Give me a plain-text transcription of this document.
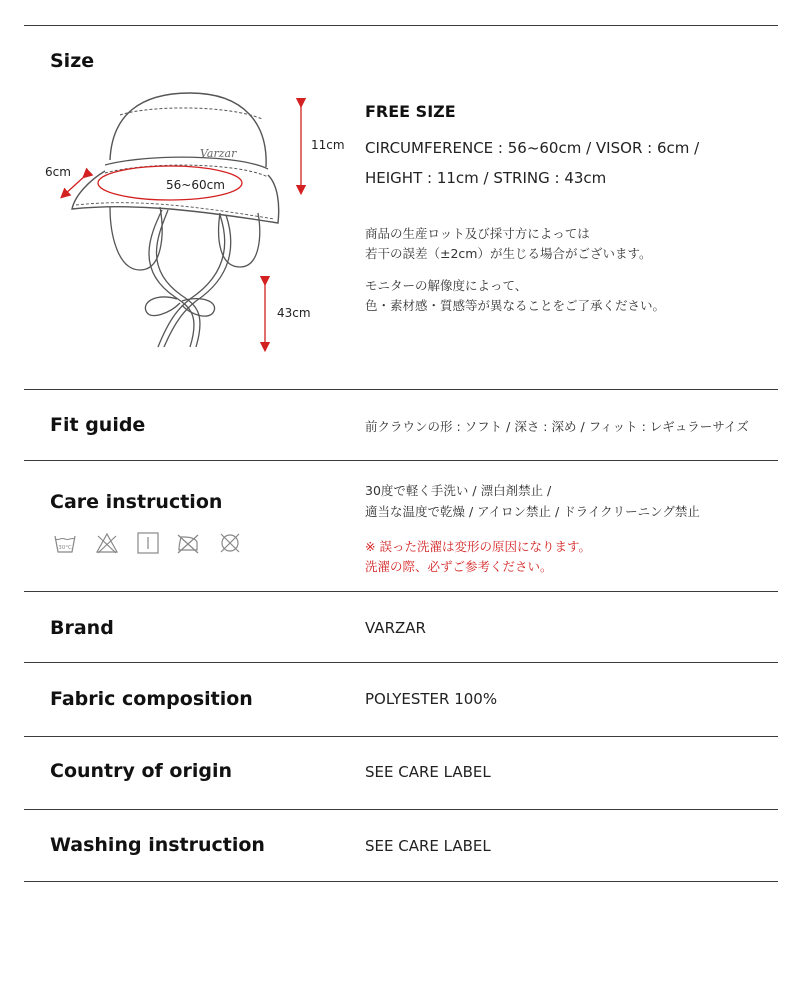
Size
Varzar
6cm
56~60cm
11cm
43cm
FREE SIZE
CIRCUMFERENCE : 56~60cm / VISOR : 6cm /
HEIGHT : 11cm / STRING : 43cm
商品の生産ロット及び採寸方によっては
若干の誤差（±2cm）が生じる場合がございます。
モニターの解像度によって、
色・素材感・質感等が異なることをご了承ください。
Fit guide	前クラウンの形 : ソフト / 深さ : 深め / フィット : レギュラーサイズ
Care instruction
30°C
30度で軽く手洗い / 漂白剤禁止 /
適当な温度で乾燥 / アイロン禁止 / ドライクリーニング禁止
※ 誤った洗濯は変形の原因になります。
洗濯の際、必ずご参考ください。
Brand	VARZAR
Fabric composition	POLYESTER 100%
Country of origin	SEE CARE LABEL
Washing instruction	SEE CARE LABEL
